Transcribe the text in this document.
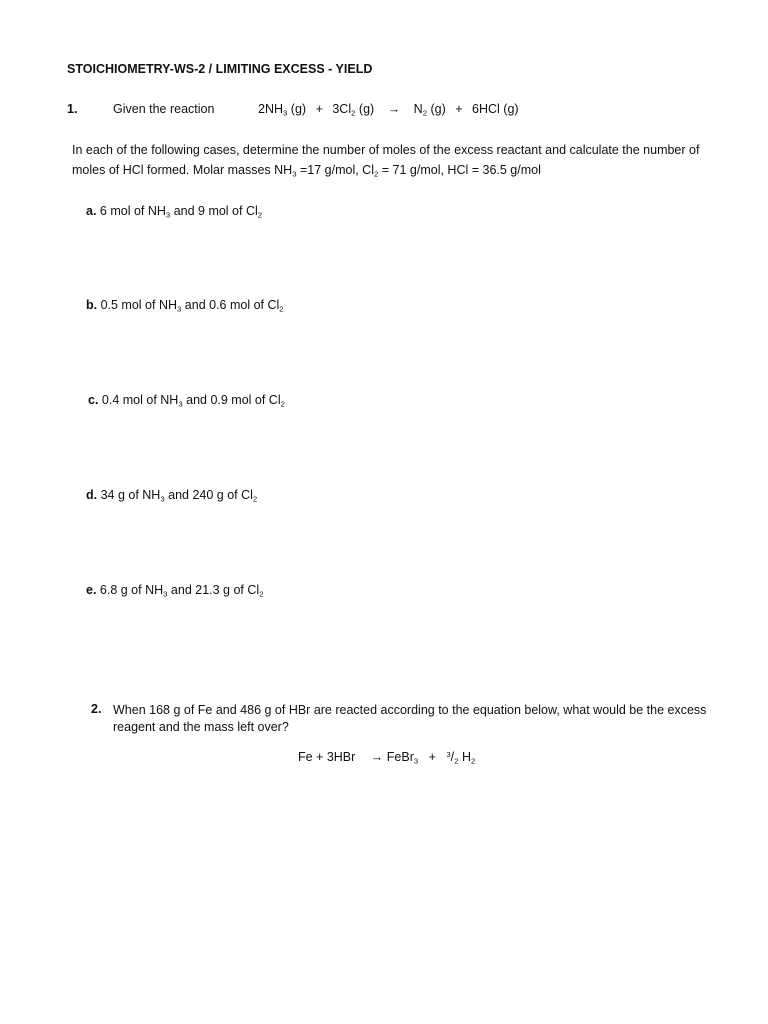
STOICHIOMETRY-WS-2 / LIMITING EXCESS - YIELD
1.	Given the reaction	$2NH_3$ $(g) + 3Cl_2$ $(g) \to N_2$ (g) + 6HCl (g)
In each of the following cases, determine the number of moles of the excess reactant and calculate the number of
moles of HCl formed. Molar masses $NH_3 =17$ g/mol, $Cl_2 = 71$ g/mol, HCl = 36.5 g/mol
a. 6 mol of $NH_3$ and 9 mol of $Cl_2$
b. 0.5 mol of $NH_3$ and 0.6 mol of $Cl_2$
c. 0.4 mol of $NH_3$ and 0.9 mol of $Cl_2$
d. 34 g of $NH_3$ and 240 g of $Cl_2$
e. 6.8 g of $NH_3$ and 21.3 g of $Cl_2$
2. When 168 g of Fe and 486 g of HBr are reacted according to the equation below, what would be the excess
reagent and the mass left over?
Fe + 3HBr → FeBr$_3$   +   $^3/_2$ $H_2$
